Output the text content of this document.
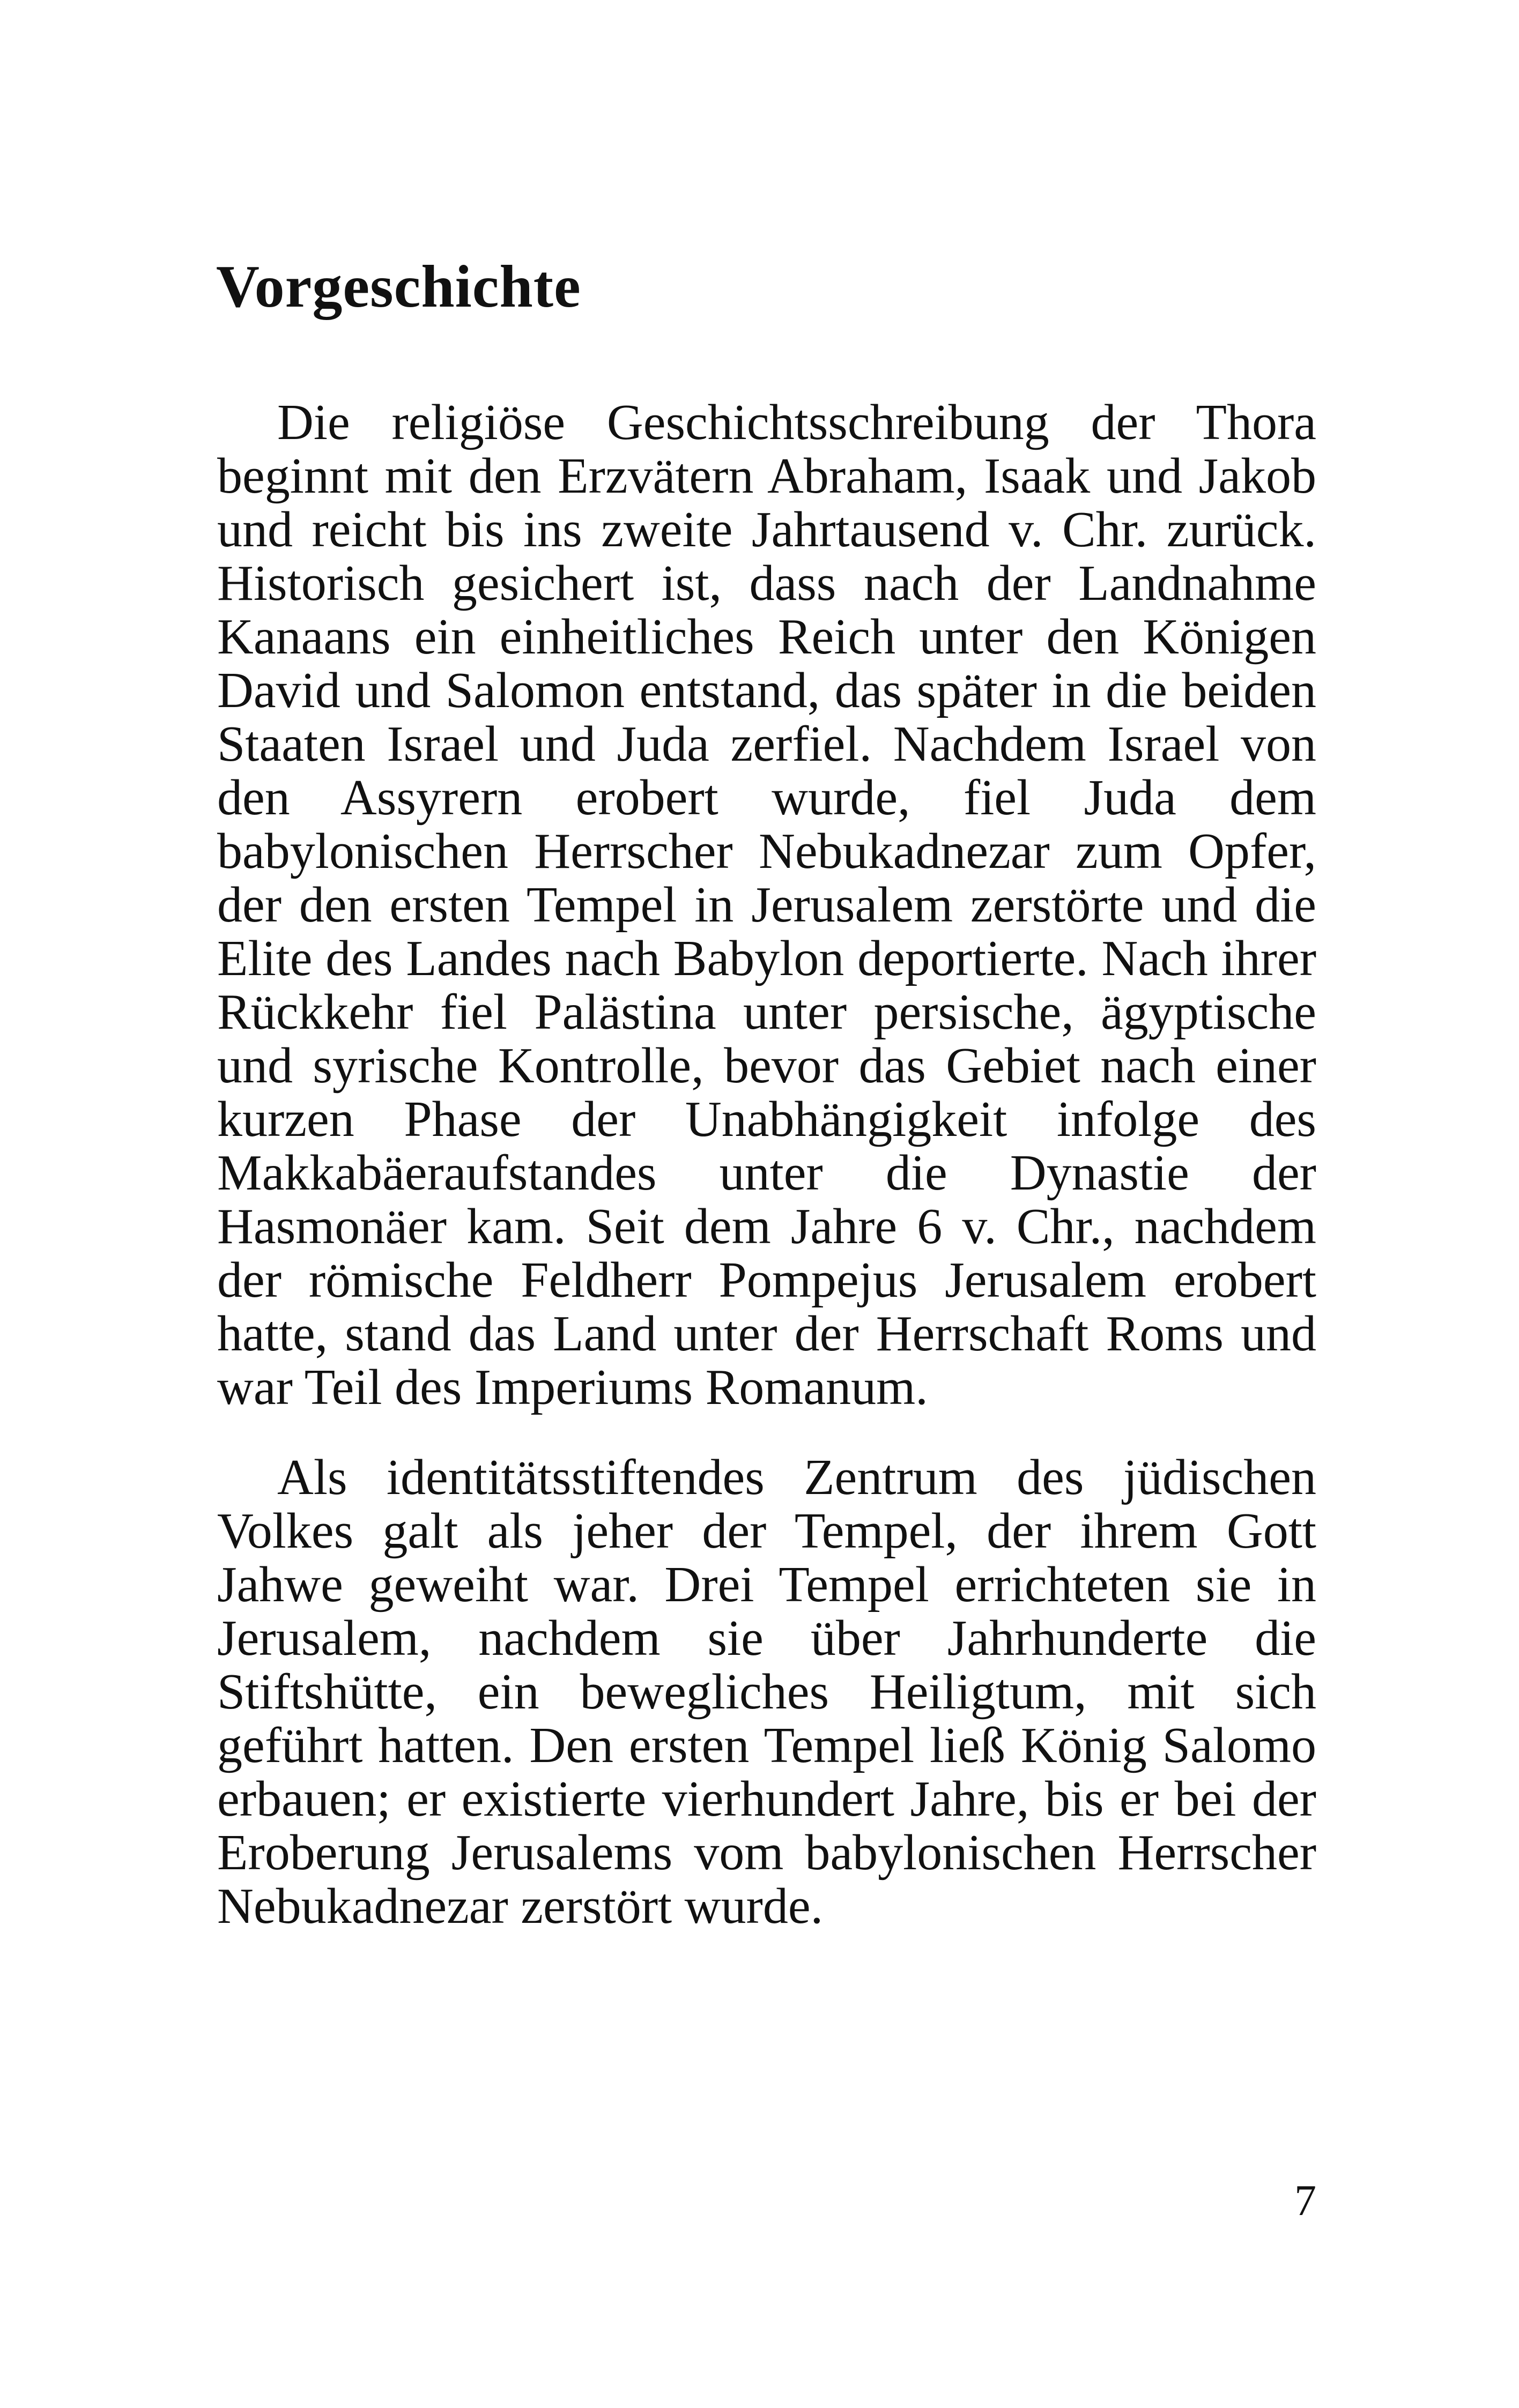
Vorgeschichte

Die religiöse Geschichtsschreibung der Thora beginnt mit den Erzvätern Abraham, Isaak und Jakob und reicht bis ins zweite Jahrtausend v. Chr. zurück. Historisch gesichert ist, dass nach der Landnahme Kanaans ein einheitliches Reich unter den Königen David und Salomon entstand, das später in die beiden Staaten Israel und Juda zerfiel. Nachdem Israel von den Assyrern erobert wurde, fiel Juda dem babylonischen Herrscher Nebukadnezar zum Opfer, der den ersten Tempel in Jerusalem zerstörte und die Elite des Landes nach Babylon deportierte. Nach ihrer Rückkehr fiel Palästina unter persische, ägyptische und syrische Kontrolle, bevor das Gebiet nach einer kurzen Phase der Unabhängigkeit infolge des Makkabäeraufstandes unter die Dynastie der Hasmonäer kam. Seit dem Jahre 6 v. Chr., nachdem der römische Feldherr Pompejus Jerusalem erobert hatte, stand das Land unter der Herrschaft Roms und war Teil des Imperiums Romanum.

Als identitätsstiftendes Zentrum des jüdischen Volkes galt als jeher der Tempel, der ihrem Gott Jahwe geweiht war. Drei Tempel errichteten sie in Jerusalem, nachdem sie über Jahrhunderte die Stiftshütte, ein bewegliches Heiligtum, mit sich geführt hatten. Den ersten Tempel ließ König Salomo erbauen; er existierte vierhundert Jahre, bis er bei der Eroberung Jerusalems vom babylonischen Herrscher Nebukadnezar zerstört wurde.

7
